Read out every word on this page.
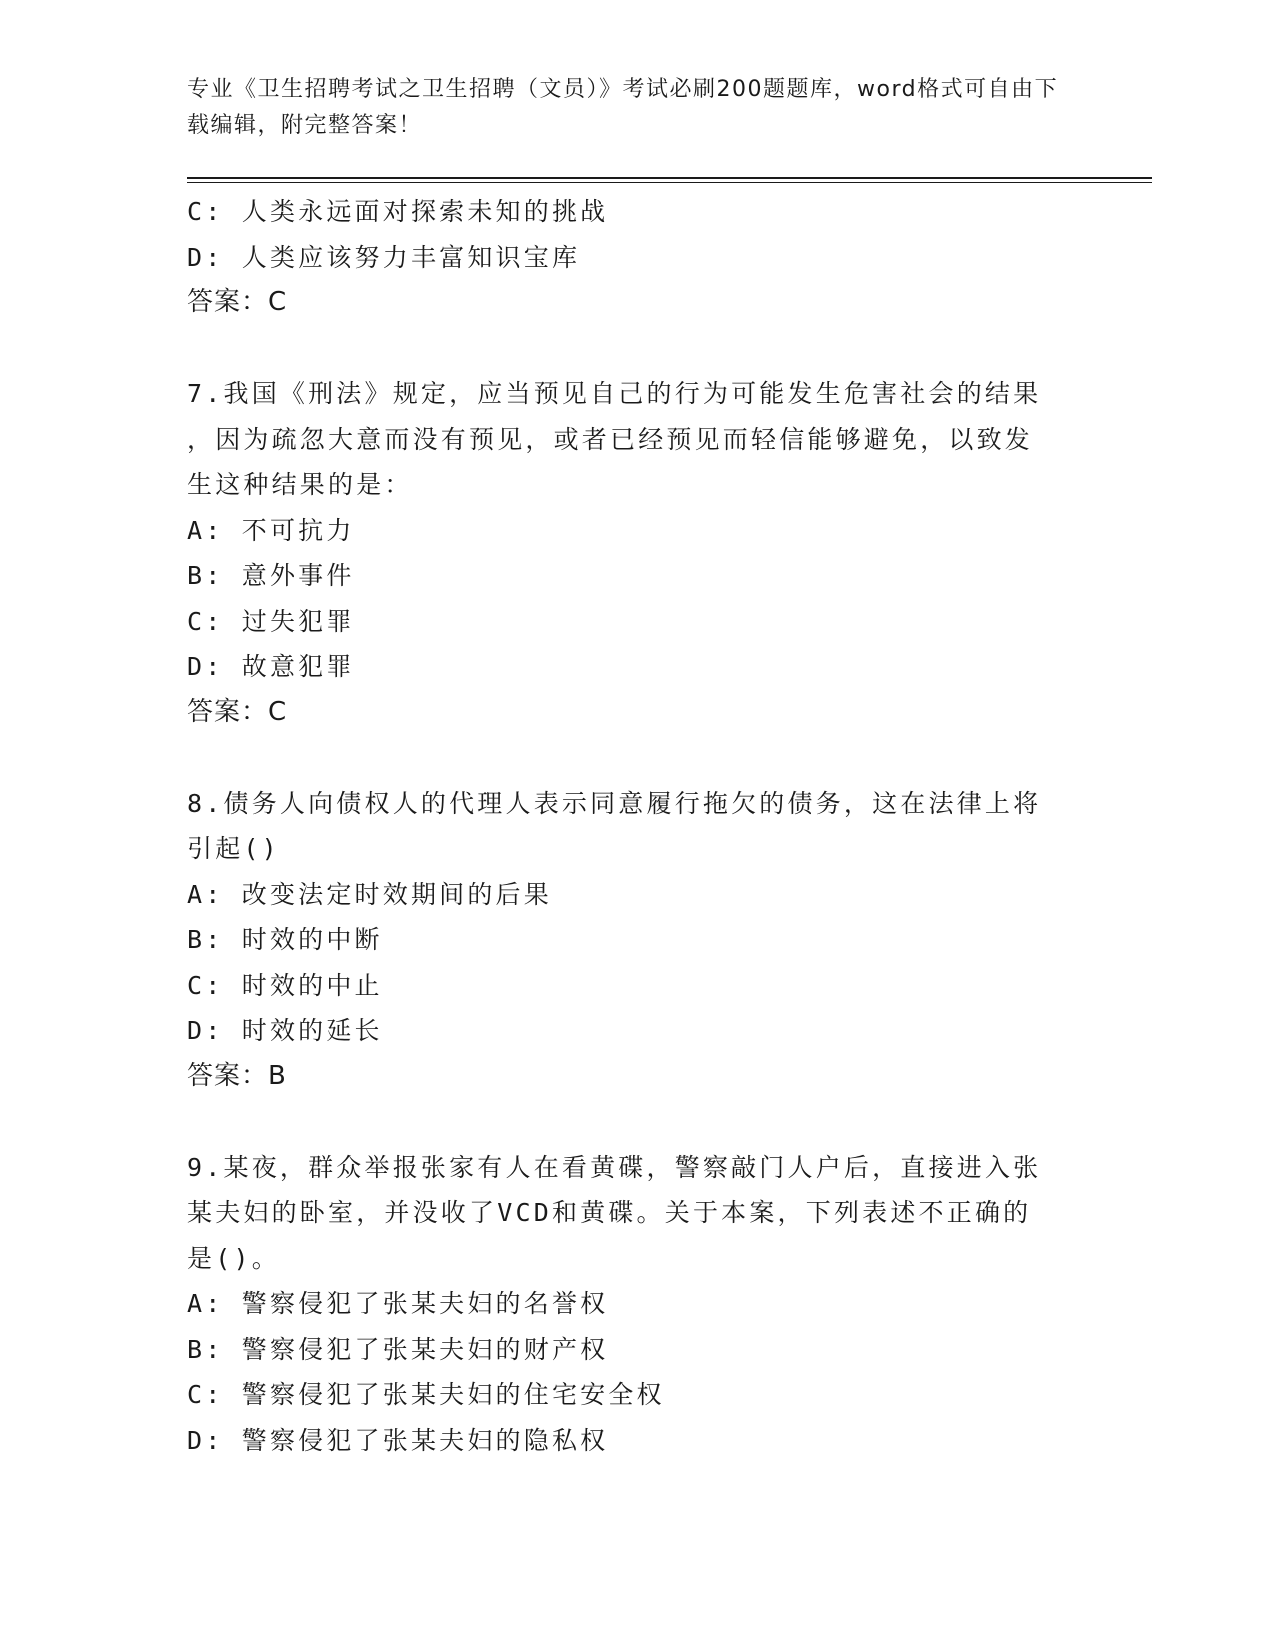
专业《卫生招聘考试之卫生招聘（文员）》考试必刷200题题库，word格式可自由下载编辑，附完整答案！

C: 人类永远面对探索未知的挑战

D: 人类应该努力丰富知识宝库

答案：C

7.我国《刑法》规定，应当预见自己的行为可能发生危害社会的结果

，因为疏忽大意而没有预见，或者已经预见而轻信能够避免，以致发

生这种结果的是：

A: 不可抗力

B: 意外事件

C: 过失犯罪

D: 故意犯罪

答案：C

8.债务人向债权人的代理人表示同意履行拖欠的债务，这在法律上将

引起()

A: 改变法定时效期间的后果

B: 时效的中断

C: 时效的中止

D: 时效的延长

答案：B

9.某夜，群众举报张家有人在看黄碟，警察敲门人户后，直接进入张

某夫妇的卧室，并没收了VCD和黄碟。关于本案，下列表述不正确的

是()。

A: 警察侵犯了张某夫妇的名誉权

B: 警察侵犯了张某夫妇的财产权

C: 警察侵犯了张某夫妇的住宅安全权

D: 警察侵犯了张某夫妇的隐私权
